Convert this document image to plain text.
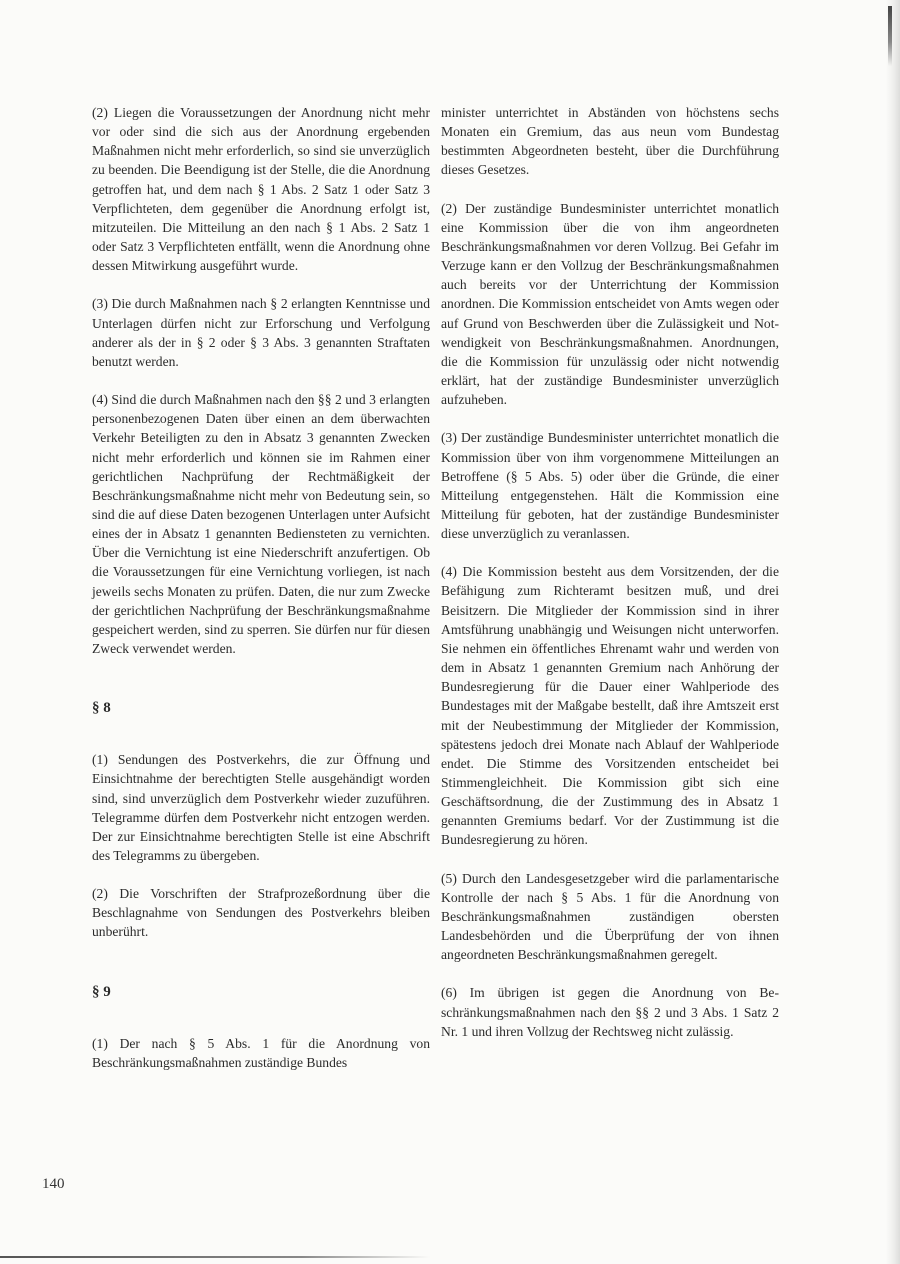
(2) Liegen die Voraussetzungen der Anordnung nicht mehr vor oder sind die sich aus der Anordnung ergebenden Maßnahmen nicht mehr erforderlich, so sind sie unverzüglich zu beenden. Die Beendigung ist der Stelle, die die Anordnung getroffen hat, und dem nach § 1 Abs. 2 Satz 1 oder Satz 3 Verpflichteten, dem gegenüber die Anordnung erfolgt ist, mitzuteilen. Die Mitteilung an den nach § 1 Abs. 2 Satz 1 oder Satz 3 Verpflichteten entfällt, wenn die Anordnung ohne dessen Mitwirkung ausgeführt wurde.

(3) Die durch Maßnahmen nach § 2 erlangten Kenntnisse und Unterlagen dürfen nicht zur Erforschung und Verfolgung anderer als der in § 2 oder § 3 Abs. 3 genannten Straftaten benutzt werden.

(4) Sind die durch Maßnahmen nach den §§ 2 und 3 erlangten personenbezogenen Daten über einen an dem überwachten Verkehr Beteiligten zu den in Absatz 3 genannten Zwecken nicht mehr erforderlich und können sie im Rahmen einer gerichtlichen Nachprüfung der Rechtmäßigkeit der Beschränkungsmaßnahme nicht mehr von Bedeutung sein, so sind die auf diese Daten bezogenen Unterlagen unter Aufsicht eines der in Absatz 1 genannten Bediensteten zu vernichten. Über die Vernichtung ist eine Niederschrift anzufertigen. Ob die Voraussetzungen für eine Vernichtung vorliegen, ist nach jeweils sechs Monaten zu prüfen. Daten, die nur zum Zwecke der gerichtlichen Nachprüfung der Beschränkungsmaßnahme gespeichert werden, sind zu sperren. Sie dürfen nur für diesen Zweck verwendet werden.

§ 8

(1) Sendungen des Postverkehrs, die zur Öffnung und Einsichtnahme der berechtigten Stelle ausgehändigt worden sind, sind unverzüglich dem Postverkehr wieder zuzuführen. Telegramme dürfen dem Postverkehr nicht entzogen werden. Der zur Einsichtnahme berechtigten Stelle ist eine Abschrift des Telegramms zu übergeben.

(2) Die Vorschriften der Strafprozeßordnung über die Beschlagnahme von Sendungen des Postverkehrs bleiben unberührt.

§ 9

(1) Der nach § 5 Abs. 1 für die Anordnung von Beschränkungsmaßnahmen zuständige Bundes

minister unterrichtet in Abständen von höchstens sechs Monaten ein Gremium, das aus neun vom Bundestag bestimmten Abgeordneten besteht, über die Durchführung dieses Gesetzes.

(2) Der zuständige Bundesminister unterrichtet monatlich eine Kommission über die von ihm angeordneten Beschränkungsmaßnahmen vor deren Vollzug. Bei Gefahr im Verzuge kann er den Vollzug der Beschränkungsmaßnahmen auch bereits vor der Unterrichtung der Kommission anordnen. Die Kommission entscheidet von Amts wegen oder auf Grund von Beschwerden über die Zulässigkeit und Notwendigkeit von Beschränkungsmaßnahmen. Anordnungen, die die Kommission für unzulässig oder nicht notwendig erklärt, hat der zuständige Bundesminister unverzüglich aufzuheben.

(3) Der zuständige Bundesminister unterrichtet monatlich die Kommission über von ihm vorgenommene Mitteilungen an Betroffene (§ 5 Abs. 5) oder über die Gründe, die einer Mitteilung entgegenstehen. Hält die Kommission eine Mitteilung für geboten, hat der zuständige Bundesminister diese unverzüglich zu veranlassen.

(4) Die Kommission besteht aus dem Vorsitzenden, der die Befähigung zum Richteramt besitzen muß, und drei Beisitzern. Die Mitglieder der Kommission sind in ihrer Amtsführung unabhängig und Weisungen nicht unterworfen. Sie nehmen ein öffentliches Ehrenamt wahr und werden von dem in Absatz 1 genannten Gremium nach Anhörung der Bundesregierung für die Dauer einer Wahlperiode des Bundestages mit der Maßgabe bestellt, daß ihre Amtszeit erst mit der Neubestimmung der Mitglieder der Kommission, spätestens jedoch drei Monate nach Ablauf der Wahlperiode endet. Die Stimme des Vorsitzenden entscheidet bei Stimmengleichheit. Die Kommission gibt sich eine Geschäftsordnung, die der Zustimmung des in Absatz 1 genannten Gremiums bedarf. Vor der Zustimmung ist die Bundesregierung zu hören.

(5) Durch den Landesgesetzgeber wird die parlamentarische Kontrolle der nach § 5 Abs. 1 für die Anordnung von Beschränkungsmaßnahmen zuständigen obersten Landesbehörden und die Überprüfung der von ihnen angeordneten Beschränkungsmaßnahmen geregelt.

(6) Im übrigen ist gegen die Anordnung von Beschränkungsmaßnahmen nach den §§ 2 und 3 Abs. 1 Satz 2 Nr. 1 und ihren Vollzug der Rechtsweg nicht zulässig.

140
